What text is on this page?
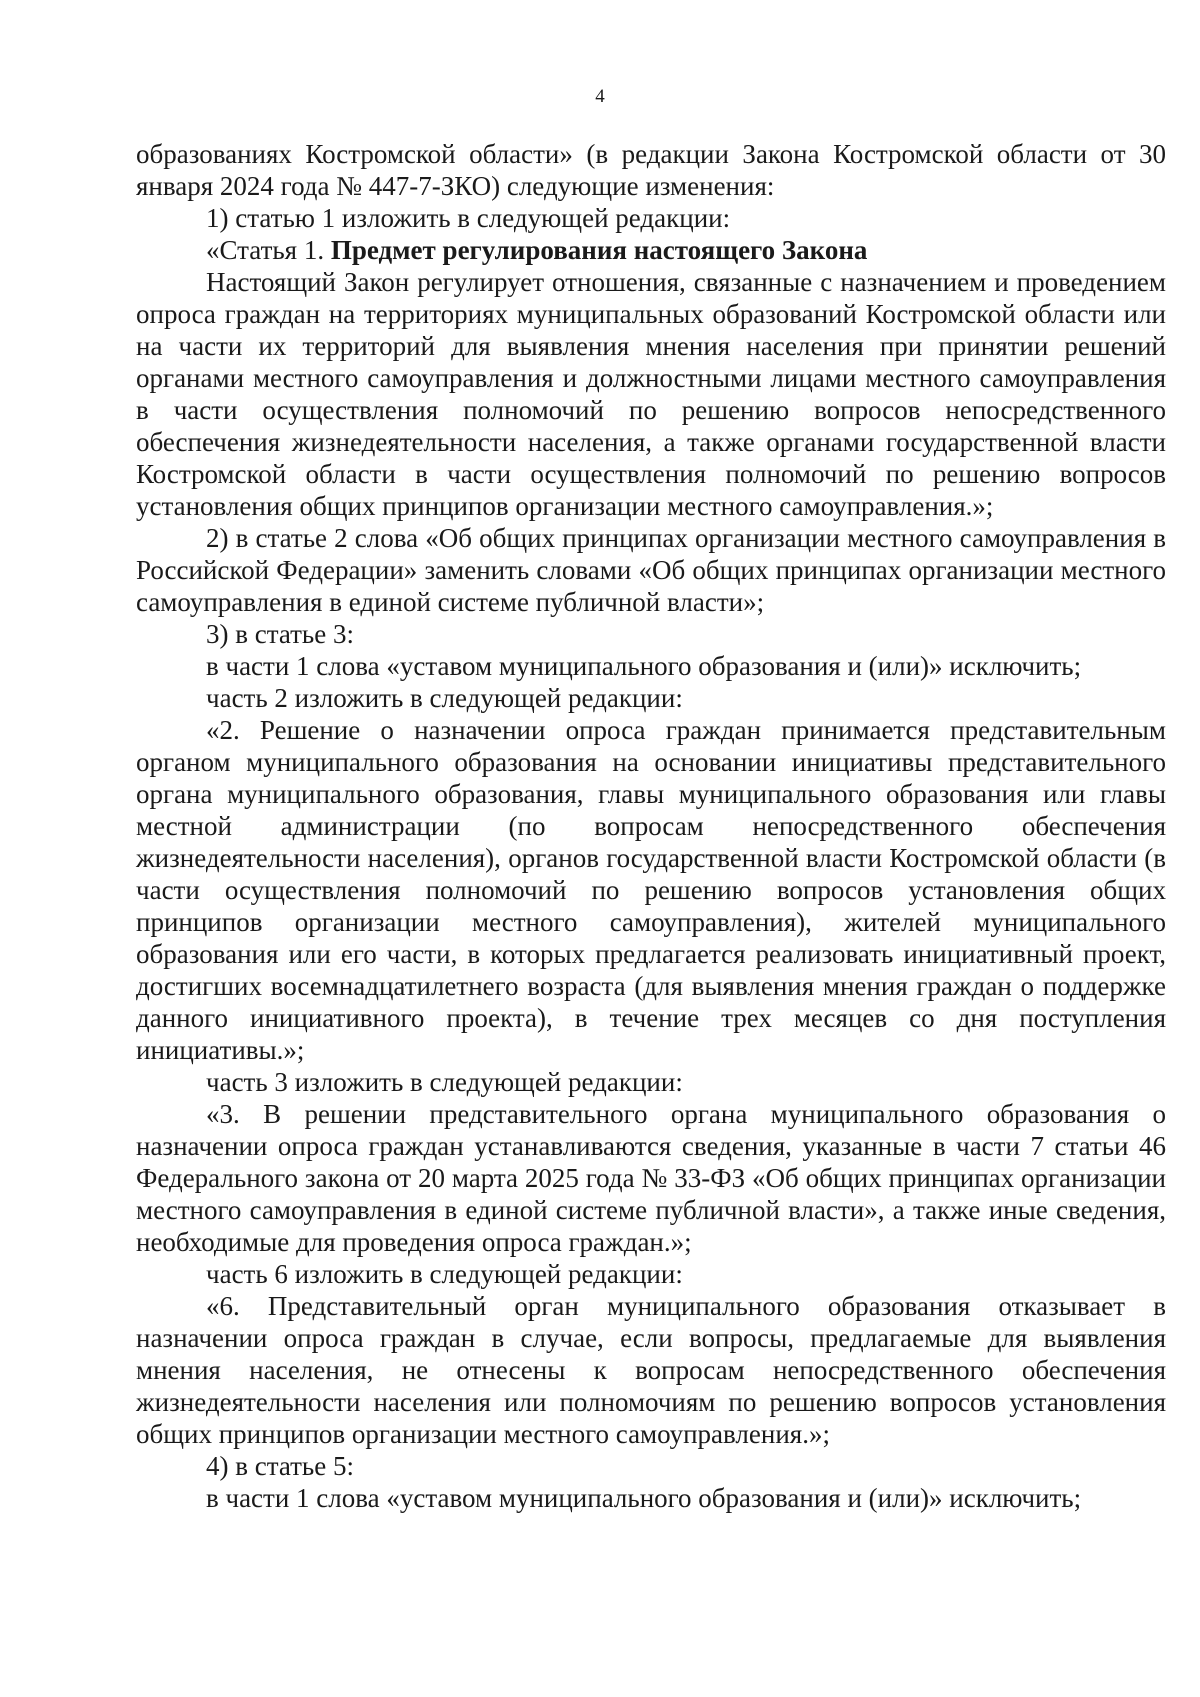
4

образованиях Костромской области» (в редакции Закона Костромской области от 30 января 2024 года № 447-7-ЗКО) следующие изменения:

1) статью 1 изложить в следующей редакции:

«Статья 1. Предмет регулирования настоящего Закона

Настоящий Закон регулирует отношения, связанные с назначением и проведением опроса граждан на территориях муниципальных образований Костромской области или на части их территорий для выявления мнения населения при принятии решений органами местного самоуправления и должностными лицами местного самоуправления в части осуществления полномочий по решению вопросов непосредственного обеспечения жизнедеятельности населения, а также органами государственной власти Костромской области в части осуществления полномочий по решению вопросов установления общих принципов организации местного самоуправления.»;

2) в статье 2 слова «Об общих принципах организации местного самоуправления в Российской Федерации» заменить словами «Об общих принципах организации местного самоуправления в единой системе публичной власти»;

3) в статье 3:

в части 1 слова «уставом муниципального образования и (или)» исключить;

часть 2 изложить в следующей редакции:

«2. Решение о назначении опроса граждан принимается представительным органом муниципального образования на основании инициативы представительного органа муниципального образования, главы муниципального образования или главы местной администрации (по вопросам непосредственного обеспечения жизнедеятельности населения), органов государственной власти Костромской области (в части осуществления полномочий по решению вопросов установления общих принципов организации местного самоуправления), жителей муниципального образования или его части, в которых предлагается реализовать инициативный проект, достигших восемнадцатилетнего возраста (для выявления мнения граждан о поддержке данного инициативного проекта), в течение трех месяцев со дня поступления инициативы.»;

часть 3 изложить в следующей редакции:

«3. В решении представительного органа муниципального образования о назначении опроса граждан устанавливаются сведения, указанные в части 7 статьи 46 Федерального закона от 20 марта 2025 года № 33-ФЗ «Об общих принципах организации местного самоуправления в единой системе публичной власти», а также иные сведения, необходимые для проведения опроса граждан.»;

часть 6 изложить в следующей редакции:

«6. Представительный орган муниципального образования отказывает в назначении опроса граждан в случае, если вопросы, предлагаемые для выявления мнения населения, не отнесены к вопросам непосредственного обеспечения жизнедеятельности населения или полномочиям по решению вопросов установления общих принципов организации местного самоуправления.»;

4) в статье 5:

в части 1 слова «уставом муниципального образования и (или)» исключить;
